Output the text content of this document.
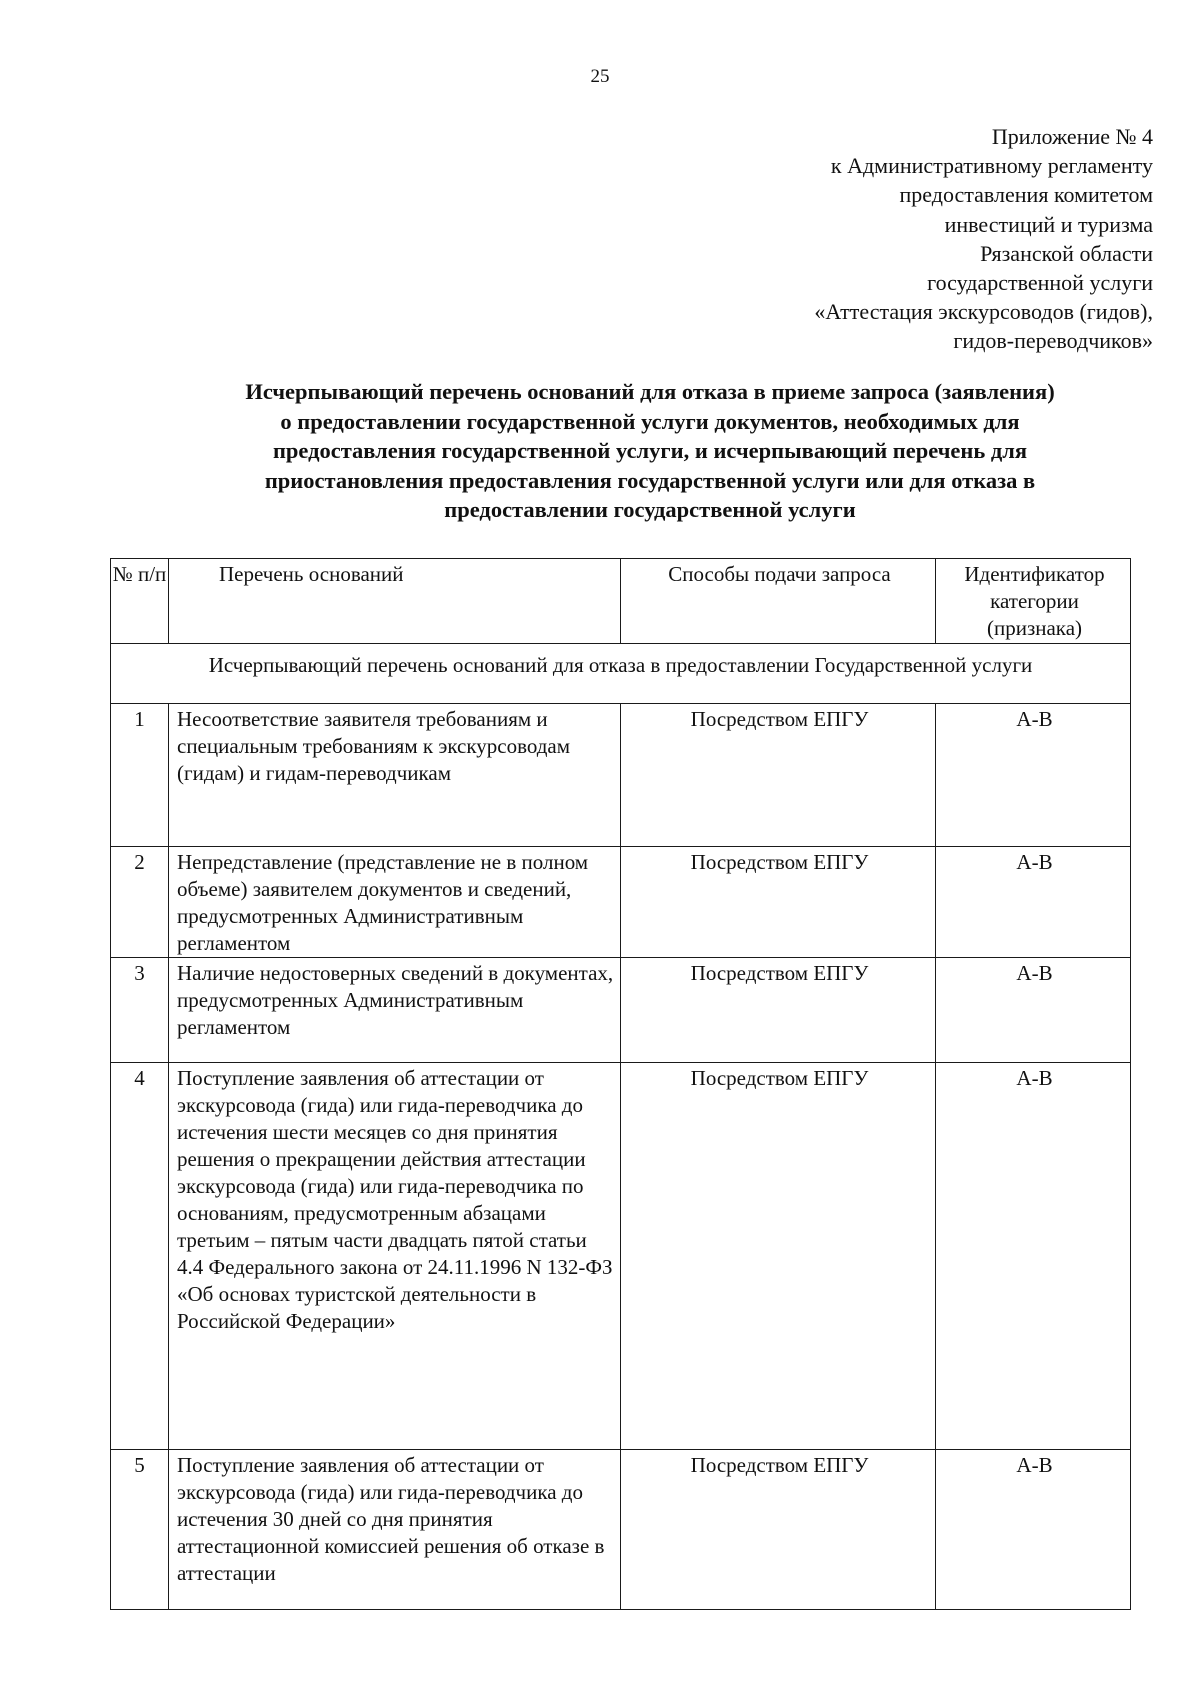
25
Приложение № 4
к Административному регламенту
предоставления комитетом
инвестиций и туризма
Рязанской области
государственной услуги
«Аттестация экскурсоводов (гидов),
гидов-переводчиков»
Исчерпывающий перечень оснований для отказа в приеме запроса (заявления)
о предоставлении государственной услуги документов, необходимых для
предоставления государственной услуги, и исчерпывающий перечень для
приостановления предоставления государственной услуги или для отказа в
предоставлении государственной услуги
№ п/п	Перечень оснований	Способы подачи запроса	Идентификатор категории (признака)
Исчерпывающий перечень оснований для отказа в предоставлении Государственной услуги			
1	Несоответствие заявителя требованиям и специальным требованиям к экскурсоводам (гидам) и гидам-переводчикам	Посредством ЕПГУ	А-В
2	Непредставление (представление не в полном объеме) заявителем документов и сведений, предусмотренных Административным регламентом	Посредством ЕПГУ	А-В
3	Наличие недостоверных сведений в документах, предусмотренных Административным регламентом	Посредством ЕПГУ	А-В
4	Поступление заявления об аттестации от экскурсовода (гида) или гида-переводчика до истечения шести месяцев со дня принятия решения о прекращении действия аттестации экскурсовода (гида) или гида-переводчика по основаниям, предусмотренным абзацами третьим – пятым части двадцать пятой статьи 4.4 Федерального закона от 24.11.1996 N 132-ФЗ «Об основах туристской деятельности в Российской Федерации»	Посредством ЕПГУ	А-В
5	Поступление заявления об аттестации от экскурсовода (гида) или гида-переводчика до истечения 30 дней со дня принятия аттестационной комиссией решения об отказе в аттестации	Посредством ЕПГУ	А-В
